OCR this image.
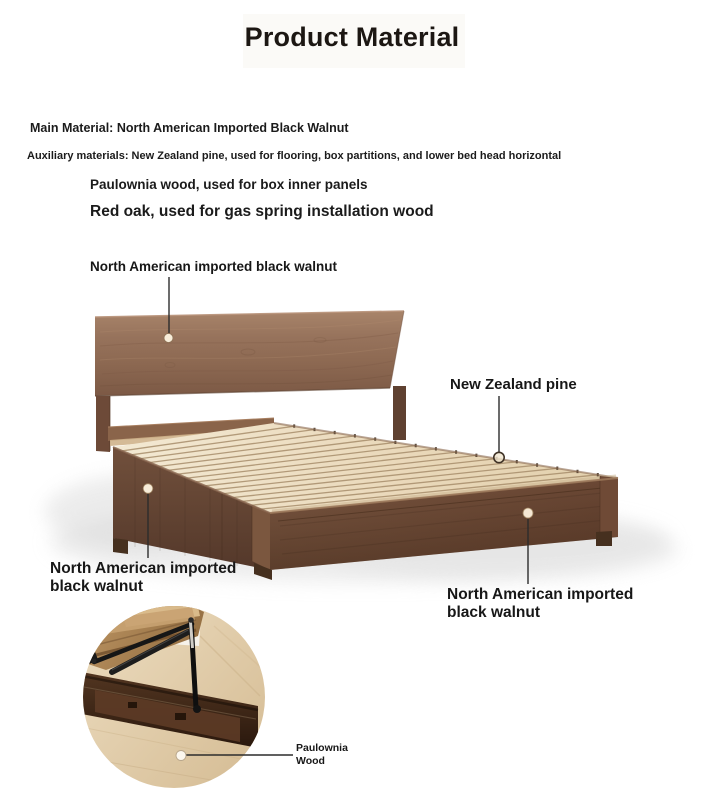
Product Material
Main Material: North American Imported Black Walnut
Auxiliary materials: New Zealand pine, used for flooring, box partitions, and lower bed head horizontal
Paulownia wood, used for box inner panels
Red oak, used for gas spring installation wood
North American imported black walnut
New Zealand pine
North American imported
black walnut	North American imported
black walnut
Paulownia
Wood
